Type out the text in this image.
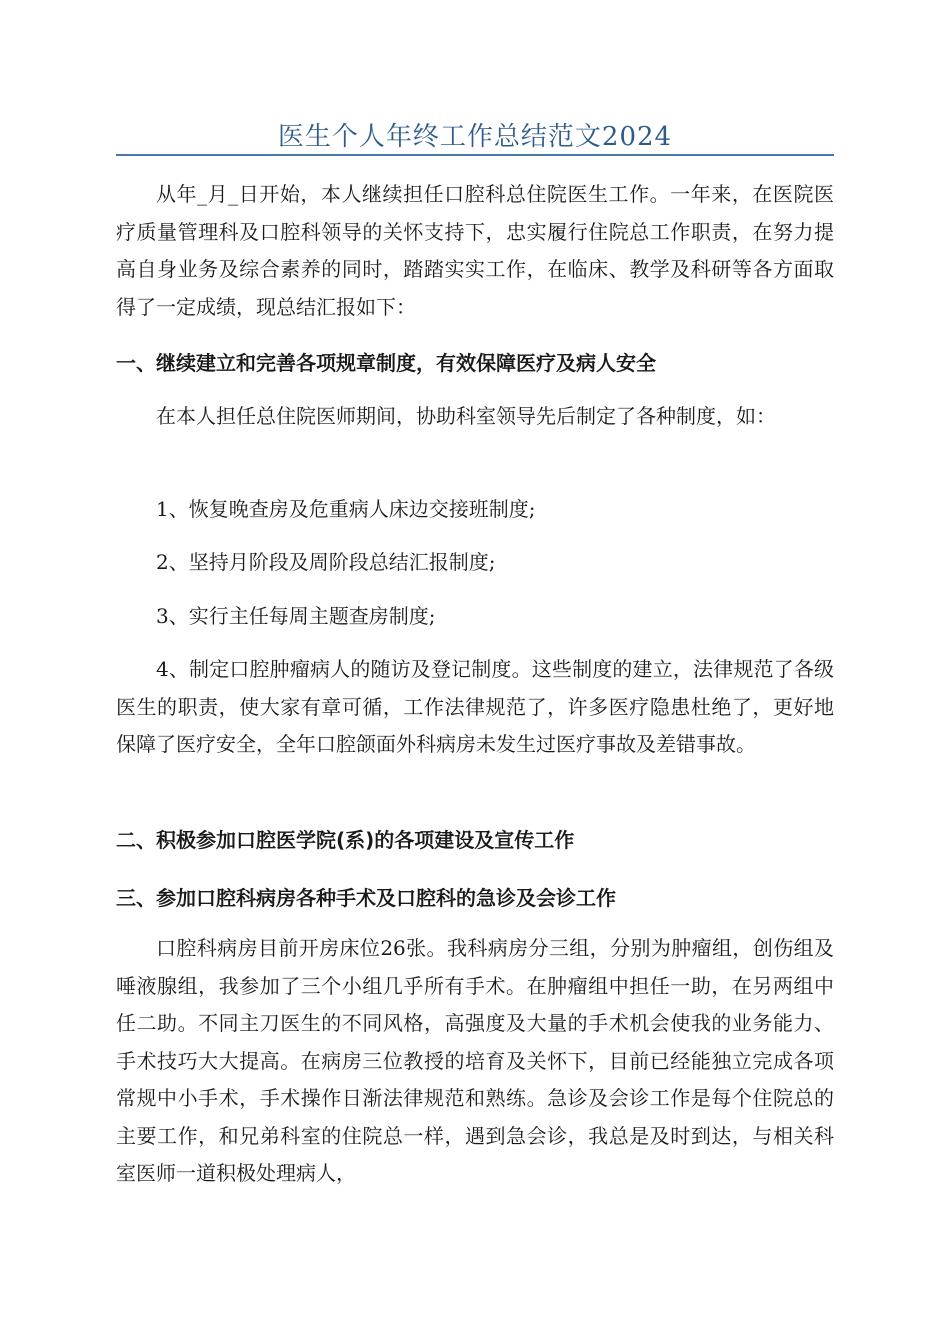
医生个人年终工作总结范文2024

从年_月_日开始，本人继续担任口腔科总住院医生工作。一年来，在医院医疗质量管理科及口腔科领导的关怀支持下，忠实履行住院总工作职责，在努力提高自身业务及综合素养的同时，踏踏实实工作，在临床、教学及科研等各方面取得了一定成绩，现总结汇报如下：

一、继续建立和完善各项规章制度，有效保障医疗及病人安全

在本人担任总住院医师期间，协助科室领导先后制定了各种制度，如：

1、恢复晚查房及危重病人床边交接班制度;

2、坚持月阶段及周阶段总结汇报制度;

3、实行主任每周主题查房制度;

4、制定口腔肿瘤病人的随访及登记制度。这些制度的建立，法律规范了各级医生的职责，使大家有章可循，工作法律规范了，许多医疗隐患杜绝了，更好地保障了医疗安全，全年口腔颌面外科病房未发生过医疗事故及差错事故。

二、积极参加口腔医学院(系)的各项建设及宣传工作

三、参加口腔科病房各种手术及口腔科的急诊及会诊工作

口腔科病房目前开房床位26张。我科病房分三组，分别为肿瘤组，创伤组及唾液腺组，我参加了三个小组几乎所有手术。在肿瘤组中担任一助，在另两组中任二助。不同主刀医生的不同风格，高强度及大量的手术机会使我的业务能力、手术技巧大大提高。在病房三位教授的培育及关怀下，目前已经能独立完成各项常规中小手术，手术操作日渐法律规范和熟练。急诊及会诊工作是每个住院总的主要工作，和兄弟科室的住院总一样，遇到急会诊，我总是及时到达，与相关科室医师一道积极处理病人，
